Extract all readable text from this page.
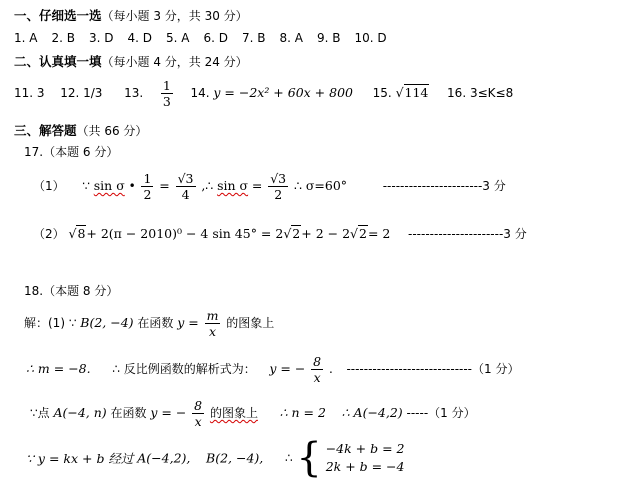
一、仔细选一选（每小题 3 分，共 30 分）
1. A 2. B 3. D 4. D 5. A 6. D 7. B 8. A 9. B 10. D
二、认真填一填（每小题 4 分，共 24 分）
11. 3 12. 1/3 13. $\frac{1}{3} 14$. y = −2x² + 60x + 800 15. √114 16. 3≤K≤8
三、解答题（共 66 分）
17.（本题 6 分）
（1） ∵ sin σ • $\frac{1}{2} = \frac{√3}{4}$ ,∴ $\sin \sigma = \frac{√3}{2}$ ∴ σ=60°	-----------------------3 分
（2） √8+ 2(π − 2010)⁰ − 4 sin 45° = 2√2+ 2 − 2√2= 2 ----------------------3 分
18.（本题 8 分）
解：(1) ∵ B(2, −4) 在函数 $y = \frac{m}{x}$ 的图象上
∴ m = −8. ∴ 反比例函数的解析式为： y = − $\frac{8}{x}$ . -----------------------------（1 分）
∵点 A(−4, n) 在函数 y = − $\frac{8}{x}$ 的图象上 ∴ n = 2 ∴ A(−4,2) -----（1 分）
∵ y = kx + b 经过 A(−4,2), B(2, −4), ∴ { −4k + b = 2
2k + b = −4
